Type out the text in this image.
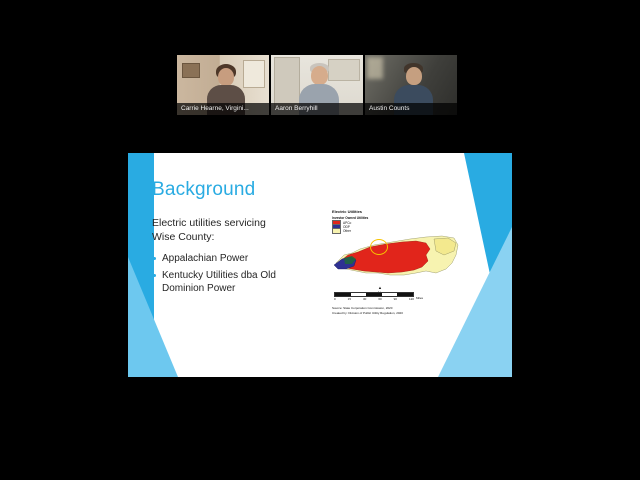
Carrie Hearne, Virgini...	Aaron Berryhill	Austin Counts
Background
Electric utilities servicing
Wise County:
Appalachian Power
Kentucky Utilities dba Old Dominion Power
Electric Utilities
Investor Owned Utilities
APCo
ODP
Other
▲

0	15	30	60	90	120 Miles
Source: State Corporation Commission, 2020
Created by: Division of Public Utility Regulation, 2020
